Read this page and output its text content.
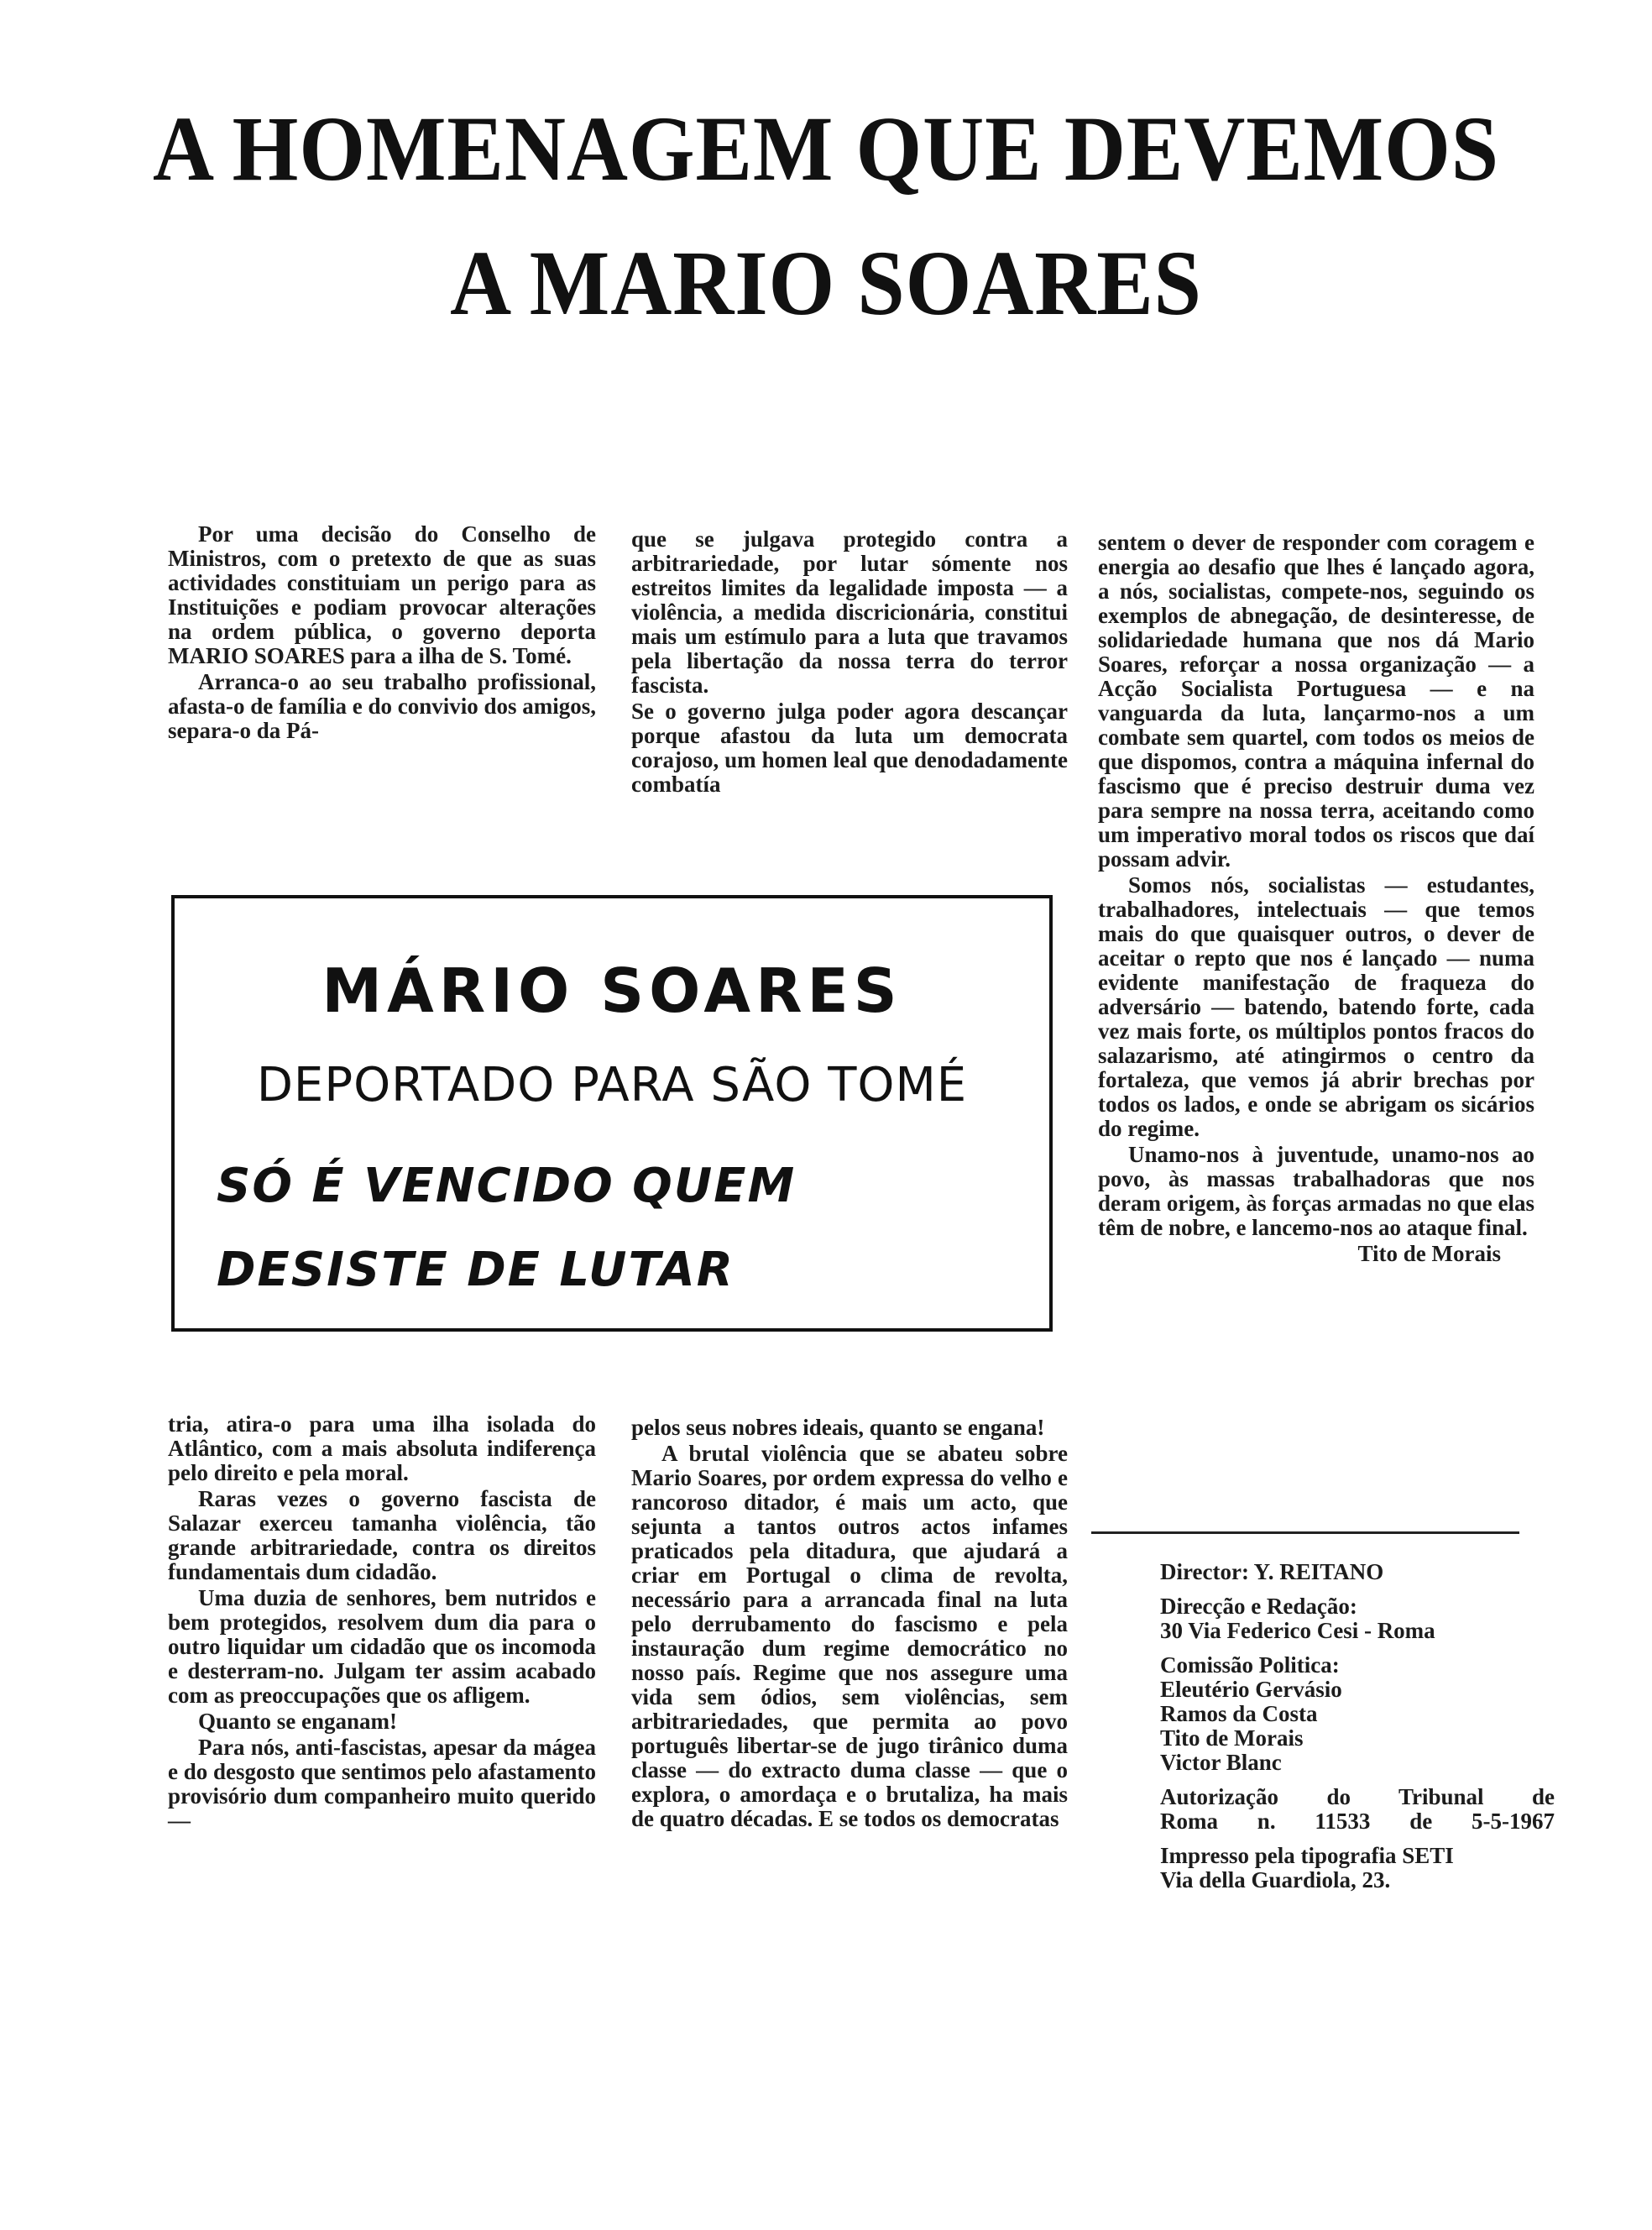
A HOMENAGEM QUE DEVEMOS
A MARIO SOARES

Por uma decisão do Conselho de Ministros, com o pretexto de que as suas actividades constituiam un perigo para as Instituições e podiam provocar alterações na ordem pública, o governo deporta MARIO SOARES para a ilha de S. Tomé.

Arranca-o ao seu trabalho profissional, afasta-o de família e do convivio dos amigos, separa-o da Pá-

que se julgava protegido contra a arbitrariedade, por lutar sómente nos estreitos limites da legalidade imposta — a violência, a medida discricionária, constitui mais um estímulo para a luta que travamos pela libertação da nossa terra do terror fascista.

Se o governo julga poder agora descançar porque afastou da luta um democrata corajoso, um homen leal que denodadamente combatía

MÁRIO SOARES
DEPORTADO PARA SÃO TOMÉ
SÓ É VENCIDO QUEM
DESISTE DE LUTAR

tria, atira-o para uma ilha isolada do Atlântico, com a mais absoluta indiferença pelo direito e pela moral.

Raras vezes o governo fascista de Salazar exerceu tamanha violência, tão grande arbitrariedade, contra os direitos fundamentais dum cidadão.

Uma duzia de senhores, bem nutridos e bem protegidos, resolvem dum dia para o outro liquidar um cidadão que os incomoda e desterram-no. Julgam ter assim acabado com as preoccupações que os afligem.

Quanto se enganam!

Para nós, anti-fascistas, apesar da mágea e do desgosto que sentimos pelo afastamento provisório dum companheiro muito querido —

pelos seus nobres ideais, quanto se engana!

A brutal violência que se abateu sobre Mario Soares, por ordem expressa do velho e rancoroso ditador, é mais um acto, que sejunta a tantos outros actos infames praticados pela ditadura, que ajudará a criar em Portugal o clima de revolta, necessário para a arrancada final na luta pelo derrubamento do fascismo e pela instauração dum regime democrático no nosso país. Regime que nos assegure uma vida sem ódios, sem violências, sem arbitrariedades, que permita ao povo português libertar-se de jugo tirânico duma classe — do extracto duma classe — que o explora, o amordaça e o brutaliza, ha mais de quatro décadas. E se todos os democratas

sentem o dever de responder com coragem e energia ao desafio que lhes é lançado agora, a nós, socialistas, compete-nos, seguindo os exemplos de abnegação, de desinteresse, de solidariedade humana que nos dá Mario Soares, reforçar a nossa organização — a Acção Socialista Portuguesa — e na vanguarda da luta, lançarmo-nos a um combate sem quartel, com todos os meios de que dispomos, contra a máquina infernal do fascismo que é preciso destruir duma vez para sempre na nossa terra, aceitando como um imperativo moral todos os riscos que daí possam advir.

Somos nós, socialistas — estudantes, trabalhadores, intelectuais — que temos mais do que quaisquer outros, o dever de aceitar o repto que nos é lançado — numa evidente manifestação de fraqueza do adversário — batendo, batendo forte, cada vez mais forte, os múltiplos pontos fracos do salazarismo, até atingirmos o centro da fortaleza, que vemos já abrir brechas por todos os lados, e onde se abrigam os sicários do regime.

Unamo-nos à juventude, unamo-nos ao povo, às massas trabalhadoras que nos deram origem, às forças armadas no que elas têm de nobre, e lancemo-nos ao ataque final.

Tito de Morais

Director: Y. REITANO
Direcção e Redação:
30 Via Federico Cesi - Roma
Comissão Politica:
Eleutério Gervásio
Ramos da Costa
Tito de Morais
Victor Blanc
Autorização do Tribunal de
Roma n. 11533 de 5-5-1967
Impresso pela tipografia SETI
Via della Guardiola, 23.
